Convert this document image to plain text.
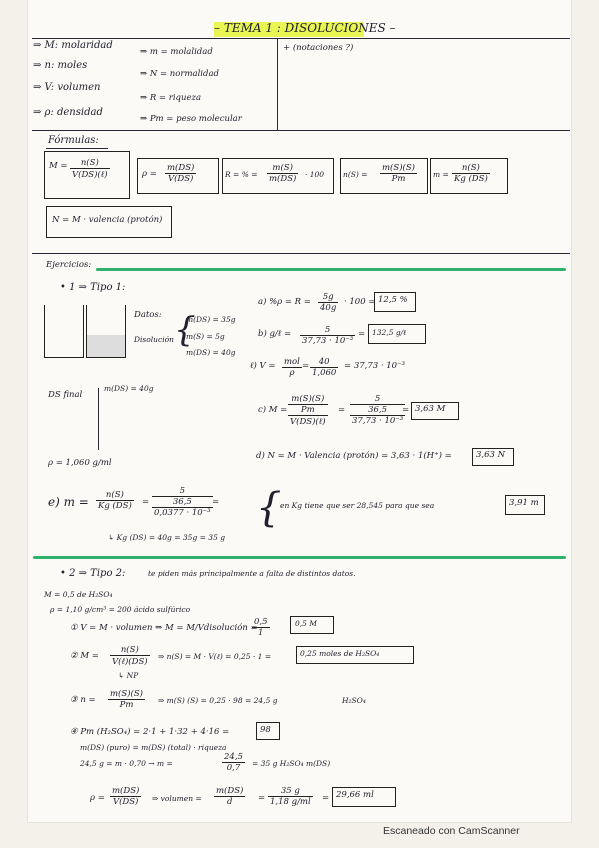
– TEMA 1 : DISOLUCIONES –
⇒ M: molaridad
⇒ n: moles
⇒ V: volumen
⇒ ρ: densidad
⇒ m = molalidad
⇒ N = normalidad
⇒ R = riqueza
⇒ Pm = peso molecular
+ (notaciones ?)
Fórmulas:
M =	n(S)
V(DS)(ℓ)	$\rho = \frac{m(DS)}{V(DS)}$	R = % = $\frac{m(S)}{m(DS)} \cdot 100$	$n(S) = \frac{m(S)(S)}{Pm}$ $m = \frac{n(S)}{Kg (DS)}$
N = M · valencia (protón)
Ejercicios:
• 1 ⇒ Tipo 1:
Datos:
Disolución {
m(DS) = 35g
m(S) = 5g
m(DS) = 40g
DS final
m(DS) = 40g
ρ = 1,060 g/ml
a) $\%\rho = R = \frac{5g}{40g} \cdot 100 = 12,5$ %
b) g/ℓ = $\frac{5}{\text{37,73 · 10⁻³}} = 132,5$ g/ℓ
ℓ) V = mol
ρ
= $\frac{40}{1,060} = 37,73 \cdot 10^{-3}$
c) M =
m(S)(S)
Pm
V(DS)(ℓ)
=
5
36,5
37,73 · 10⁻³
= 3,63 M
d) N = M · Valencia (protón) = 3,63 · 1(H⁺) =	3,63 N
e) $m = \frac{n(S)}{Kg (DS)}$ =
5
36,5
0,0377 · 10⁻³
=
↳ Kg (DS) = 40g = 35g = 35 g
{
en Kg tiene que ser 28,545 para que sea	3,91 m
• 2 ⇒ Tipo 2:	te piden más principalmente a falta de distintos datos.
M = 0,5 de H₂SO₄
ρ = 1,10 g/cm³ = 200 ácido sulfúrico
① V = M · volumen ⇒ M = M/Vdisolución =
$\frac{0,5}{1}$	0,5 M
② M =
n(S)
V(ℓ)(DS)
⇒ n(S) = M · V(ℓ) = 0,25 · 1 =	0,25 moles de H₂SO₄
↳ NP
③ $n = \frac{m(S)(S)}{Pm}$ ⇒ m(S) (S) = 0,25 · 98 = 24,5 g	H₂SO₄
④ Pm (H₂SO₄) = 2·1 + 1·32 + 4·16 =	98
m(DS) (puro) = m(DS) (total) · riqueza
24,5 g = m · 0,70 → m =	$\frac{24,5}{0,7} = 35$ g H₂SO₄ m(DS)
$\rho = \frac{m(DS)}{V(DS)}$ ⇒ volumen = $\frac{m(DS)}{d} = \frac{35 g}{1,18 g/ml} = 29,66$ ml
Escaneado con CamScanner
